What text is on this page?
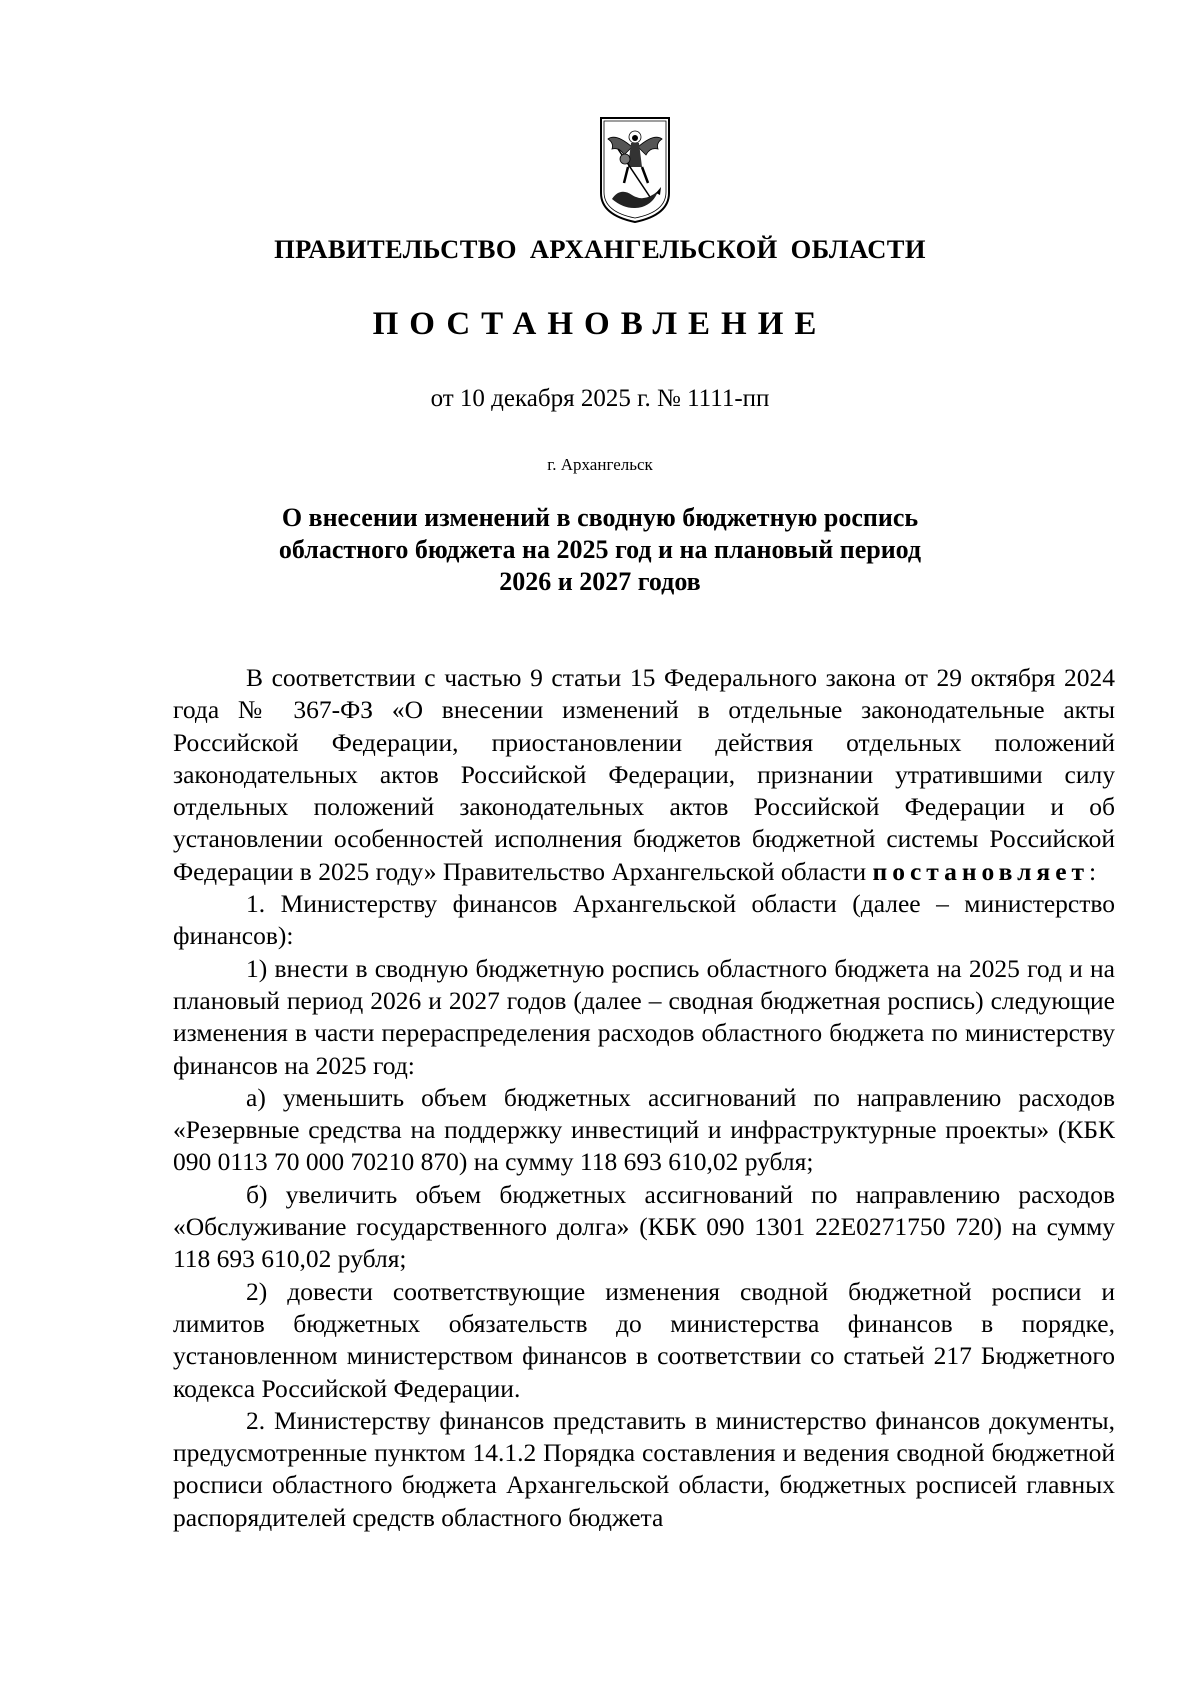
ПРАВИТЕЛЬСТВО АРХАНГЕЛЬСКОЙ ОБЛАСТИ
ПОСТАНОВЛЕНИЕ
от 10 декабря 2025 г. № 1111-пп
г. Архангельск
О внесении изменений в сводную бюджетную роспись
областного бюджета на 2025 год и на плановый период
2026 и 2027 годов

В соответствии с частью 9 статьи 15 Федерального закона от 29 октября 2024 года № 367-ФЗ «О внесении изменений в отдельные законодательные акты Российской Федерации, приостановлении действия отдельных положений законодательных актов Российской Федерации, признании утратившими силу отдельных положений законодательных актов Российской Федерации и об установлении особенностей исполнения бюджетов бюджетной системы Российской Федерации в 2025 году» Правительство Архангельской области постановляет:

1. Министерству финансов Архангельской области (далее – министерство финансов):

1) внести в сводную бюджетную роспись областного бюджета на 2025 год и на плановый период 2026 и 2027 годов (далее – сводная бюджетная роспись) следующие изменения в части перераспределения расходов областного бюджета по министерству финансов на 2025 год:

а) уменьшить объем бюджетных ассигнований по направлению расходов «Резервные средства на поддержку инвестиций и инфраструктурные проекты» (КБК 090 0113 70 000 70210 870) на сумму 118 693 610,02 рубля;

б) увеличить объем бюджетных ассигнований по направлению расходов «Обслуживание государственного долга» (КБК 090 1301 22Е0271750 720) на сумму 118 693 610,02 рубля;

2) довести соответствующие изменения сводной бюджетной росписи и лимитов бюджетных обязательств до министерства финансов в порядке, установленном министерством финансов в соответствии со статьей 217 Бюджетного кодекса Российской Федерации.

2. Министерству финансов представить в министерство финансов документы, предусмотренные пунктом 14.1.2 Порядка составления и ведения сводной бюджетной росписи областного бюджета Архангельской области, бюджетных росписей главных распорядителей средств областного бюджета
